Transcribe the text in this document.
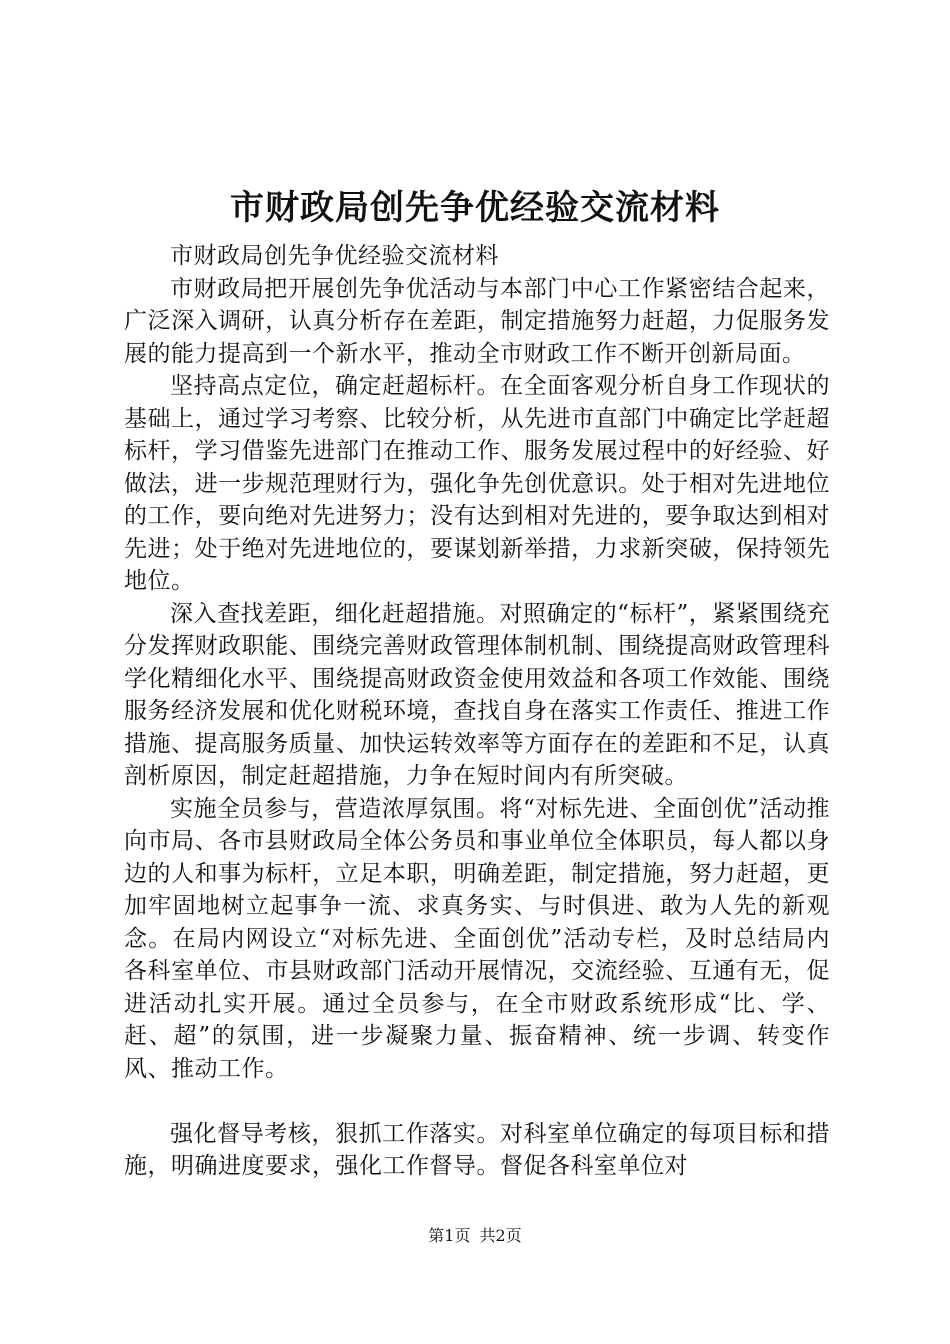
市财政局创先争优经验交流材料

市财政局创先争优经验交流材料

市财政局把开展创先争优活动与本部门中心工作紧密结合起来，广泛深入调研，认真分析存在差距，制定措施努力赶超，力促服务发展的能力提高到一个新水平，推动全市财政工作不断开创新局面。

坚持高点定位，确定赶超标杆。在全面客观分析自身工作现状的基础上，通过学习考察、比较分析，从先进市直部门中确定比学赶超标杆，学习借鉴先进部门在推动工作、服务发展过程中的好经验、好做法，进一步规范理财行为，强化争先创优意识。处于相对先进地位的工作，要向绝对先进努力；没有达到相对先进的，要争取达到相对先进；处于绝对先进地位的，要谋划新举措，力求新突破，保持领先地位。

深入查找差距，细化赶超措施。对照确定的“标杆”，紧紧围绕充分发挥财政职能、围绕完善财政管理体制机制、围绕提高财政管理科学化精细化水平、围绕提高财政资金使用效益和各项工作效能、围绕服务经济发展和优化财税环境，查找自身在落实工作责任、推进工作措施、提高服务质量、加快运转效率等方面存在的差距和不足，认真剖析原因，制定赶超措施，力争在短时间内有所突破。

实施全员参与，营造浓厚氛围。将“对标先进、全面创优”活动推向市局、各市县财政局全体公务员和事业单位全体职员，每人都以身边的人和事为标杆，立足本职，明确差距，制定措施，努力赶超，更加牢固地树立起事争一流、求真务实、与时俱进、敢为人先的新观念。在局内网设立“对标先进、全面创优”活动专栏，及时总结局内各科室单位、市县财政部门活动开展情况，交流经验、互通有无，促进活动扎实开展。通过全员参与，在全市财政系统形成“比、学、赶、超”的氛围，进一步凝聚力量、振奋精神、统一步调、转变作风、推动工作。

强化督导考核，狠抓工作落实。对科室单位确定的每项目标和措施，明确进度要求，强化工作督导。督促各科室单位对

第1页 共2页
